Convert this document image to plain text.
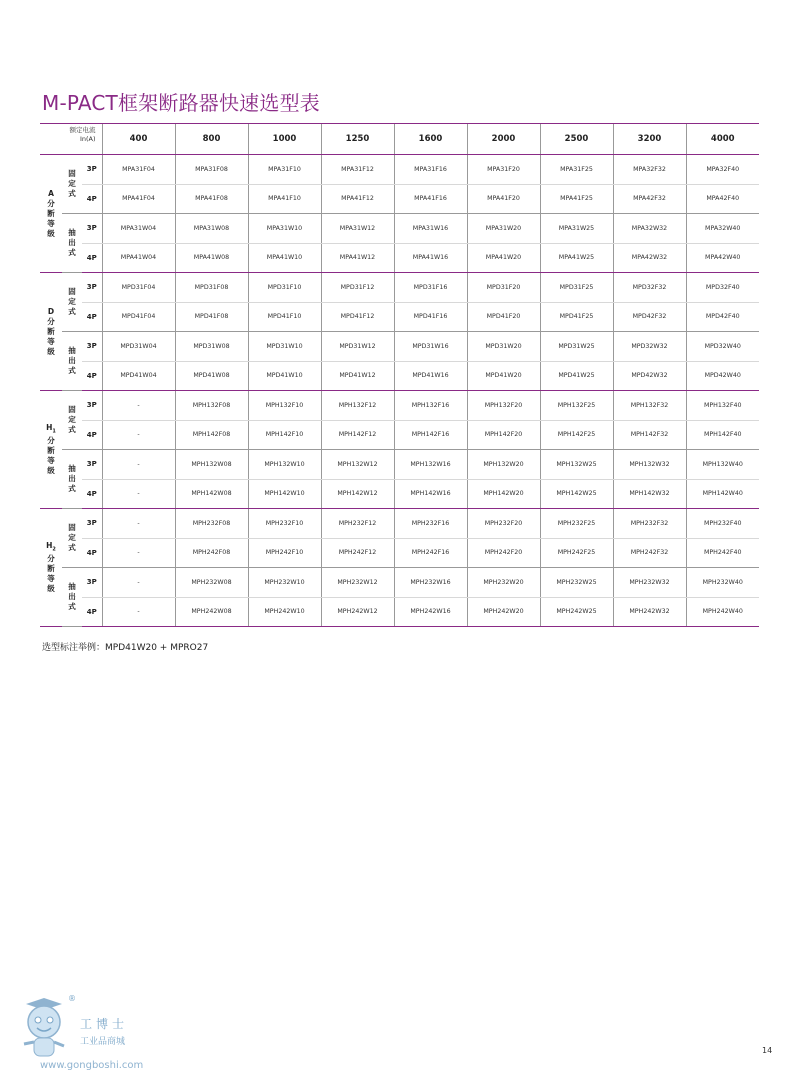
M-PACT框架断路器快速选型表

额定电流
In(A)			400	800	1000	1250	1600	2000	2500	3200	4000
A
分
断
等
级	固
定
式	3P	MPA31F04	MPA31F08	MPA31F10	MPA31F12	MPA31F16	MPA31F20	MPA31F25	MPA32F32	MPA32F40
		4P	MPA41F04	MPA41F08	MPA41F10	MPA41F12	MPA41F16	MPA41F20	MPA41F25	MPA42F32	MPA42F40
	抽
出
式	3P	MPA31W04	MPA31W08	MPA31W10	MPA31W12	MPA31W16	MPA31W20	MPA31W25	MPA32W32	MPA32W40
		4P	MPA41W04	MPA41W08	MPA41W10	MPA41W12	MPA41W16	MPA41W20	MPA41W25	MPA42W32	MPA42W40
D
分
断
等
级	固
定
式	3P	MPD31F04	MPD31F08	MPD31F10	MPD31F12	MPD31F16	MPD31F20	MPD31F25	MPD32F32	MPD32F40
		4P	MPD41F04	MPD41F08	MPD41F10	MPD41F12	MPD41F16	MPD41F20	MPD41F25	MPD42F32	MPD42F40
	抽
出
式	3P	MPD31W04	MPD31W08	MPD31W10	MPD31W12	MPD31W16	MPD31W20	MPD31W25	MPD32W32	MPD32W40
		4P	MPD41W04	MPD41W08	MPD41W10	MPD41W12	MPD41W16	MPD41W20	MPD41W25	MPD42W32	MPD42W40
$H_1$
分
断
等
级	固
定
式	3P	-	MPH132F08	MPH132F10	MPH132F12	MPH132F16	MPH132F20	MPH132F25	MPH132F32	MPH132F40
		4P	-	MPH142F08	MPH142F10	MPH142F12	MPH142F16	MPH142F20	MPH142F25	MPH142F32	MPH142F40
	抽
出
式	3P	-	MPH132W08	MPH132W10	MPH132W12	MPH132W16	MPH132W20	MPH132W25	MPH132W32	MPH132W40
		4P	-	MPH142W08	MPH142W10	MPH142W12	MPH142W16	MPH142W20	MPH142W25	MPH142W32	MPH142W40
$H_2$
分
断
等
级	固
定
式	3P	-	MPH232F08	MPH232F10	MPH232F12	MPH232F16	MPH232F20	MPH232F25	MPH232F32	MPH232F40
		4P	-	MPH242F08	MPH242F10	MPH242F12	MPH242F16	MPH242F20	MPH242F25	MPH242F32	MPH242F40
	抽
出
式	3P	-	MPH232W08	MPH232W10	MPH232W12	MPH232W16	MPH232W20	MPH232W25	MPH232W32	MPH232W40
		4P	-	MPH242W08	MPH242W10	MPH242W12	MPH242W16	MPH242W20	MPH242W25	MPH242W32	MPH242W40
选型标注举例：MPD41W20 + MPRO27
®
工博士
工业品商城
www.gongboshi.com
14
